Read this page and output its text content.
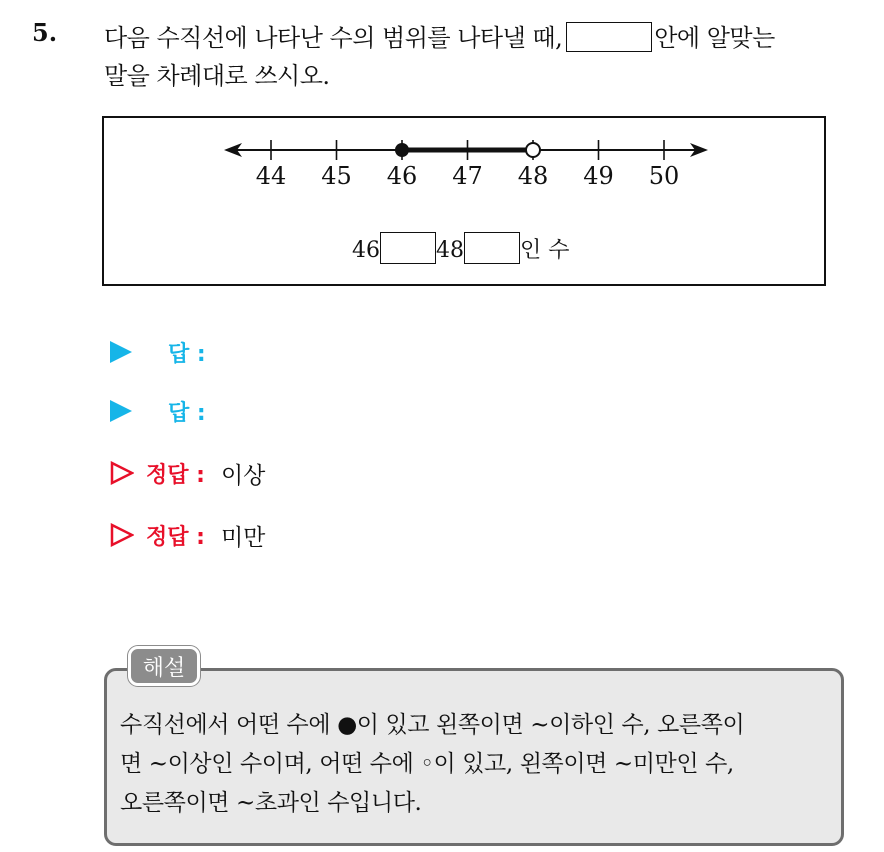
5. 다음 수직선에 나타난 수의 범위를 나타낼 때,	안에 알맞는
말을 차례대로 쓰시오.
44 45 46 47 48 49 50
46	48	인 수
답 :
답 :
정답 : 이상
정답 : 미만
해설
수직선에서 어떤 수에 ●이 있고 왼쪽이면 ~이하인 수, 오른쪽이
면 ~이상인 수이며, 어떤 수에 ◦이 있고, 왼쪽이면 ~미만인 수,
오른쪽이면 ~초과인 수입니다.
